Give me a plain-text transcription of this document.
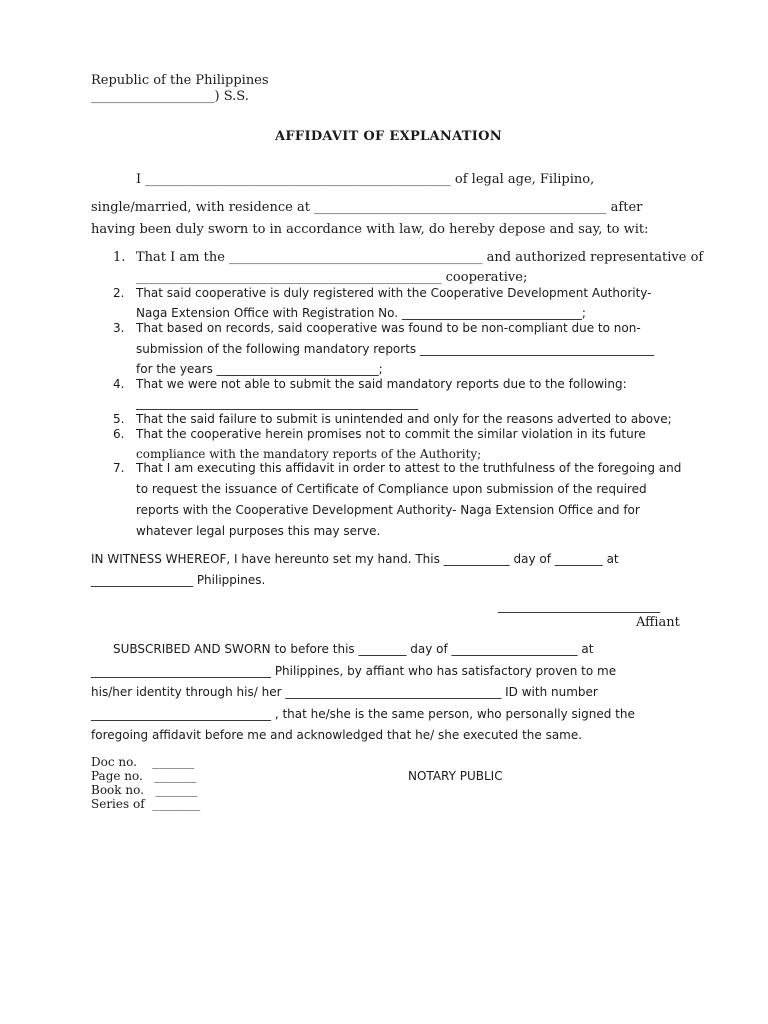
Republic of the Philippines
___________________) S.S.
AFFIDAVIT OF EXPLANATION
I _______________________________________________ of legal age, Filipino,
single/married, with residence at _____________________________________________ after
having been duly sworn to in accordance with law, do hereby depose and say, to wit:
1. That I am the _______________________________________ and authorized representative of
_______________________________________________ cooperative;
2. That said cooperative is duly registered with the Cooperative Development Authority-
Naga Extension Office with Registration No. ______________________________;
3. That based on records, said cooperative was found to be non-compliant due to non-
submission of the following mandatory reports _______________________________________
for the years ___________________________;
4. That we were not able to submit the said mandatory reports due to the following:
_______________________________________________
5. That the said failure to submit is unintended and only for the reasons adverted to above;
6. That the cooperative herein promises not to commit the similar violation in its future
compliance with the mandatory reports of the Authority;
7. That I am executing this affidavit in order to attest to the truthfulness of the foregoing and
to request the issuance of Certificate of Compliance upon submission of the required
reports with the Cooperative Development Authority- Naga Extension Office and for
whatever legal purposes this may serve.
IN WITNESS WHEREOF, I have hereunto set my hand. This ___________ day of ________ at
_________________ Philippines.
___________________________
Affiant
SUBSCRIBED AND SWORN to before this ________ day of _____________________ at
______________________________ Philippines, by affiant who has satisfactory proven to me
his/her identity through his/ her ____________________________________ ID with number
______________________________ , that he/she is the same person, who personally signed the
foregoing affidavit before me and acknowledged that he/ she executed the same.
Doc no.    _______
Page no.   _______
Book no.   _______
Series of  ________
NOTARY PUBLIC
